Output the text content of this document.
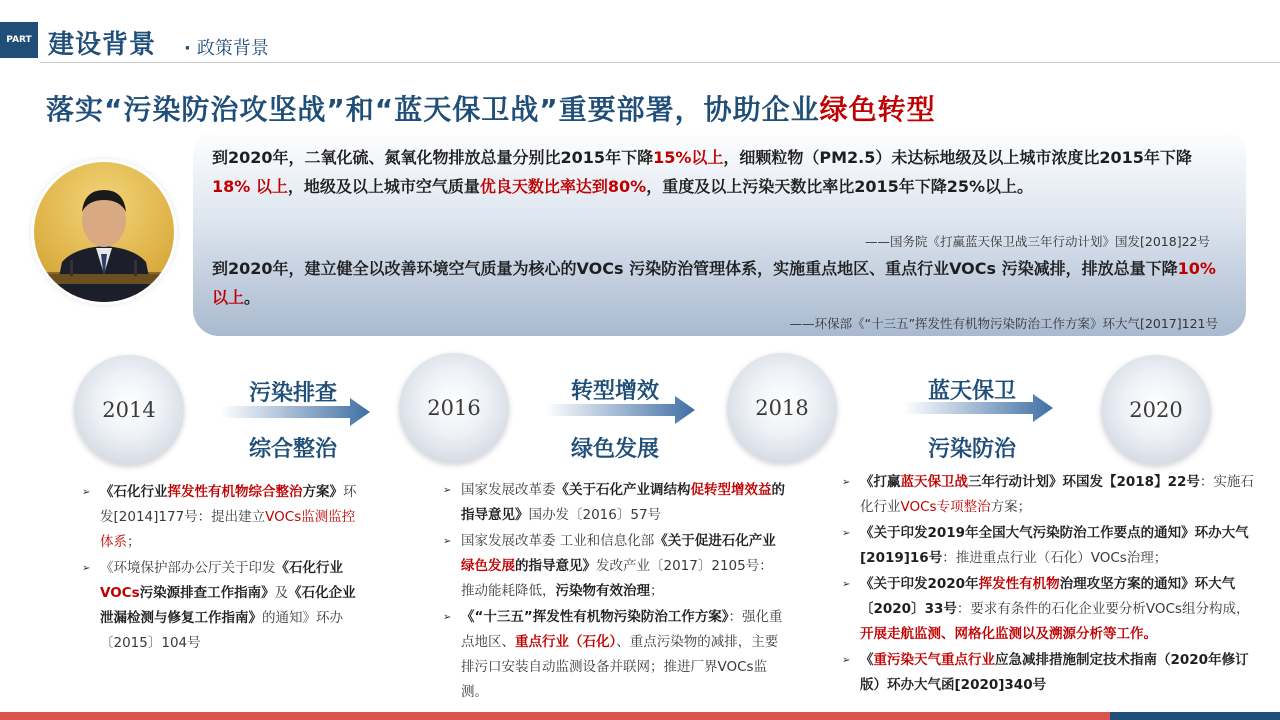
PART 建设背景 · 政策背景
落实“污染防治攻坚战”和“蓝天保卫战”重要部署，协助企业绿色转型
到2020年，二氧化硫、氮氧化物排放总量分别比2015年下降15%以上，细颗粒物（PM2.5）未达标地级及以上城市浓度比2015年下降18% 以上，地级及以上城市空气质量优良天数比率达到80%，重度及以上污染天数比率比2015年下降25%以上。
——国务院《打赢蓝天保卫战三年行动计划》国发[2018]22号
到2020年，建立健全以改善环境空气质量为核心的VOCs 污染防治管理体系，实施重点地区、重点行业VOCs 污染减排，排放总量下降10%以上。
——环保部《“十三五”挥发性有机物污染防治工作方案》环大气[2017]121号
2014	2016	2018	2020
污染排查
综合整治
转型增效
绿色发展
蓝天保卫
污染防治
➢ 《石化行业挥发性有机物综合整治方案》环发[2014]177号：提出建立VOCs监测监控体系；
➢ 《环境保护部办公厅关于印发《石化行业VOCs污染源排查工作指南》及《石化企业泄漏检测与修复工作指南》的通知》环办〔2015〕104号
➢ 国家发展改革委《关于石化产业调结构促转型增效益的指导意见》国办发〔2016〕57号
➢ 国家发展改革委 工业和信息化部《关于促进石化产业绿色发展的指导意见》发改产业〔2017〕2105号：推动能耗降低，污染物有效治理；
➢ 《“十三五”挥发性有机物污染防治工作方案》：强化重点地区、重点行业（石化）、重点污染物的减排，主要排污口安装自动监测设备并联网；推进厂界VOCs监测。
➢ 《打赢蓝天保卫战三年行动计划》环国发【2018】22号：实施石化行业VOCs专项整治方案；
➢ 《关于印发2019年全国大气污染防治工作要点的通知》环办大气[2019]16号：推进重点行业（石化）VOCs治理；
➢ 《关于印发2020年挥发性有机物治理攻坚方案的通知》环大气〔2020〕33号：要求有条件的石化企业要分析VOCs组分构成，开展走航监测、网格化监测以及溯源分析等工作。
➢ 《重污染天气重点行业应急减排措施制定技术指南（2020年修订版）环办大气函[2020]340号
